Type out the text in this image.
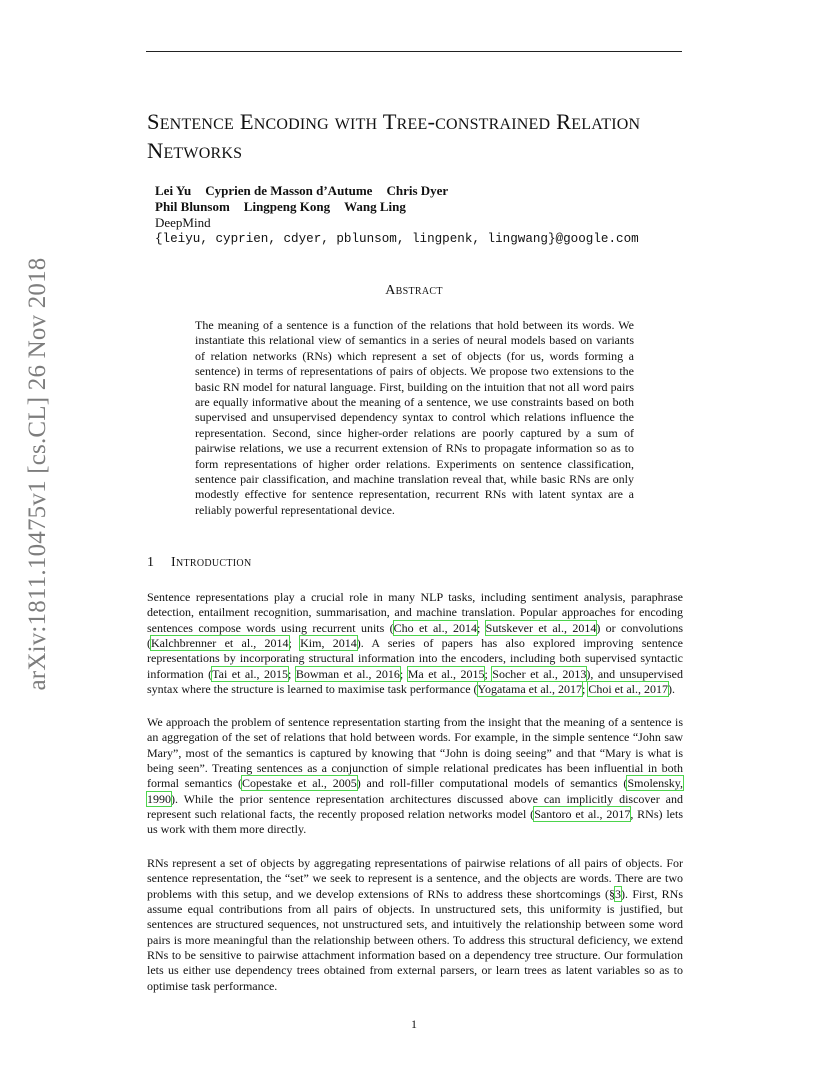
arXiv:1811.10475v1 [cs.CL] 26 Nov 2018
Sentence Encoding with Tree-constrained Relation Networks
Lei Yu Cyprien de Masson d’Autume Chris Dyer
Phil Blunsom Lingpeng Kong Wang Ling
DeepMind
{leiyu, cyprien, cdyer, pblunsom, lingpenk, lingwang}@google.com
Abstract

The meaning of a sentence is a function of the relations that hold between its words. We instantiate this relational view of semantics in a series of neural models based on variants of relation networks (RNs) which represent a set of objects (for us, words forming a sentence) in terms of representations of pairs of objects. We propose two extensions to the basic RN model for natural language. First, building on the intuition that not all word pairs are equally informative about the meaning of a sentence, we use constraints based on both supervised and unsupervised dependency syntax to control which relations influence the representation. Second, since higher-order relations are poorly captured by a sum of pairwise relations, we use a recurrent extension of RNs to propagate information so as to form representations of higher order relations. Experiments on sentence classification, sentence pair classification, and machine translation reveal that, while basic RNs are only modestly effective for sentence representation, recurrent RNs with latent syntax are a reliably powerful representational device.

1 Introduction

Sentence representations play a crucial role in many NLP tasks, including sentiment analysis, paraphrase detection, entailment recognition, summarisation, and machine translation. Popular approaches for encoding sentences compose words using recurrent units (Cho et al., 2014; Sutskever et al., 2014) or convolutions (Kalchbrenner et al., 2014; Kim, 2014). A series of papers has also explored improving sentence representations by incorporating structural information into the encoders, including both supervised syntactic information (Tai et al., 2015; Bowman et al., 2016; Ma et al., 2015; Socher et al., 2013), and unsupervised syntax where the structure is learned to maximise task performance (Yogatama et al., 2017; Choi et al., 2017).

We approach the problem of sentence representation starting from the insight that the meaning of a sentence is an aggregation of the set of relations that hold between words. For example, in the simple sentence “John saw Mary”, most of the semantics is captured by knowing that “John is doing seeing” and that “Mary is what is being seen”. Treating sentences as a conjunction of simple relational predicates has been influential in both formal semantics (Copestake et al., 2005) and roll-filler computational models of semantics (Smolensky, 1990). While the prior sentence representation architectures discussed above can implicitly discover and represent such relational facts, the recently proposed relation networks model (Santoro et al., 2017, RNs) lets us work with them more directly.

RNs represent a set of objects by aggregating representations of pairwise relations of all pairs of objects. For sentence representation, the “set” we seek to represent is a sentence, and the objects are words. There are two problems with this setup, and we develop extensions of RNs to address these shortcomings (§3). First, RNs assume equal contributions from all pairs of objects. In unstructured sets, this uniformity is justified, but sentences are structured sequences, not unstructured sets, and intuitively the relationship between some word pairs is more meaningful than the relationship between others. To address this structural deficiency, we extend RNs to be sensitive to pairwise attachment information based on a dependency tree structure. Our formulation lets us either use dependency trees obtained from external parsers, or learn trees as latent variables so as to optimise task performance.

1
